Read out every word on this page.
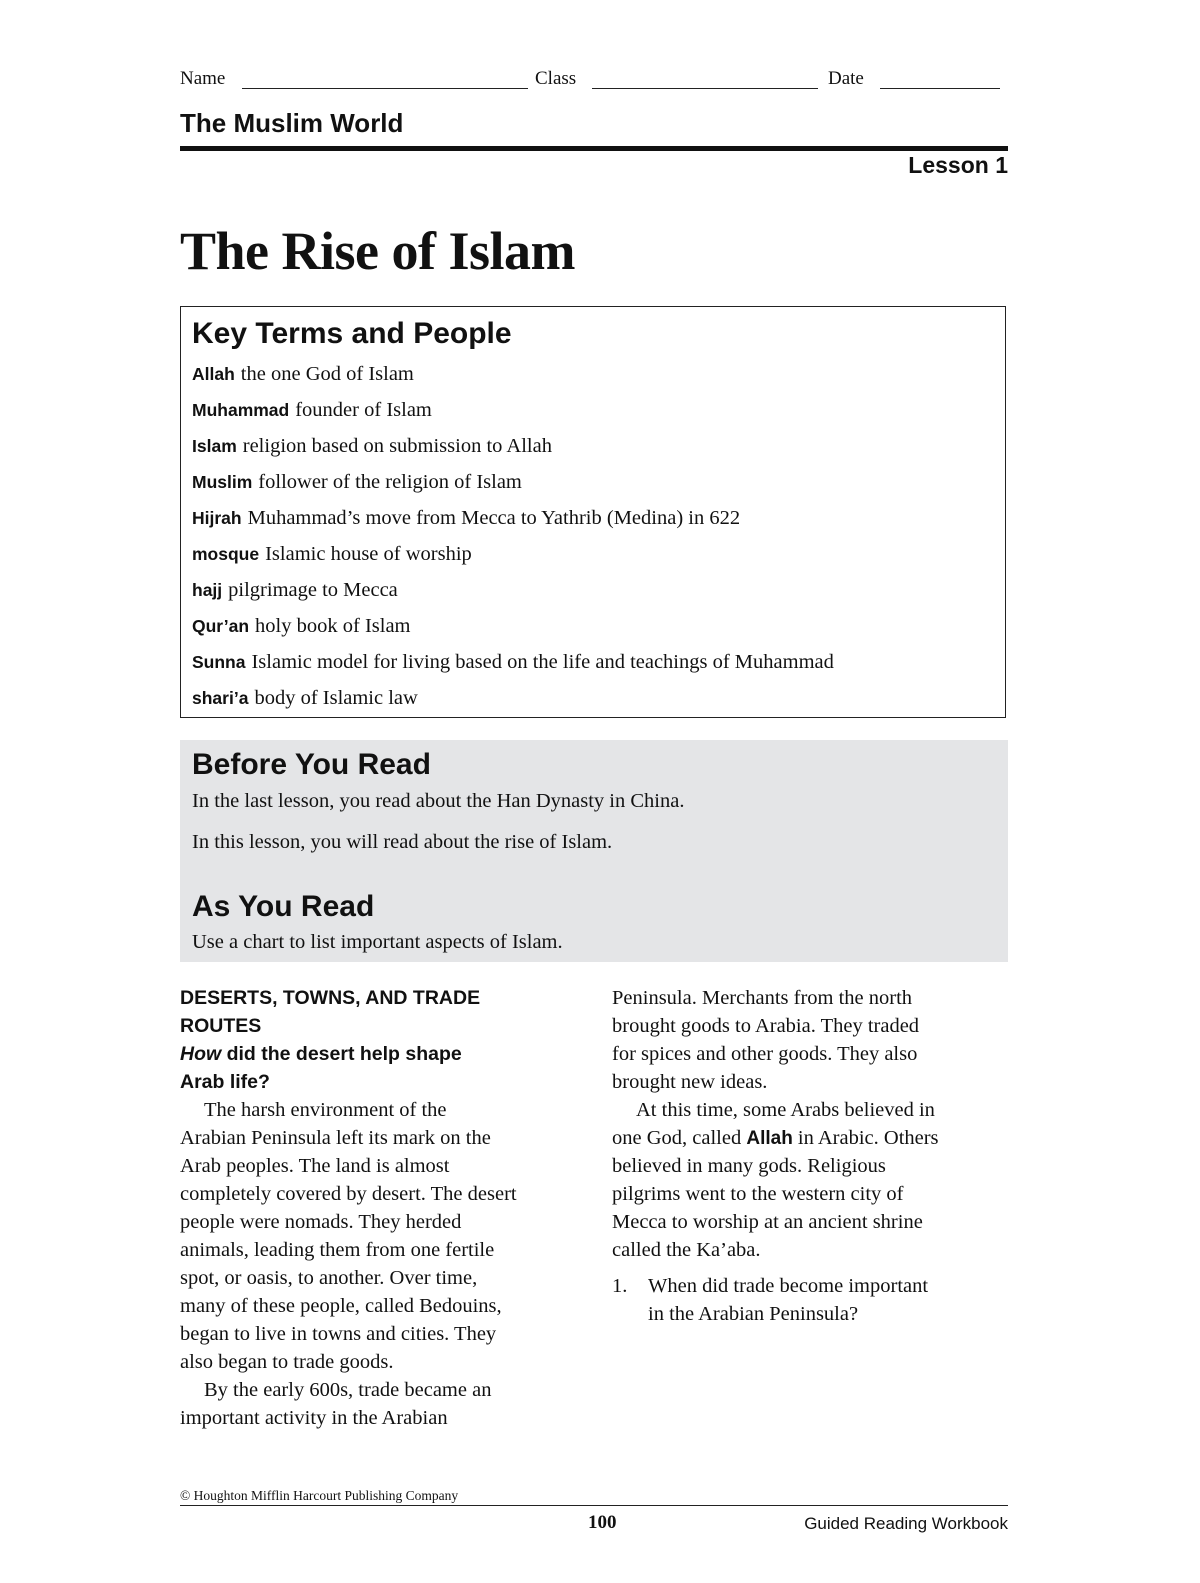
Name	Class	Date
The Muslim World
Lesson 1
The Rise of Islam
Key Terms and People
Allah the one God of Islam
Muhammad founder of Islam
Islam religion based on submission to Allah
Muslim follower of the religion of Islam
Hijrah Muhammad’s move from Mecca to Yathrib (Medina) in 622
mosque Islamic house of worship
hajj pilgrimage to Mecca
Qur’an holy book of Islam
Sunna Islamic model for living based on the life and teachings of Muhammad
shari’a body of Islamic law
Before You Read
In the last lesson, you read about the Han Dynasty in China.
In this lesson, you will read about the rise of Islam.
As You Read
Use a chart to list important aspects of Islam.
DESERTS, TOWNS, AND TRADE
ROUTES
How did the desert help shape
Arab life?
The harsh environment of the
Arabian Peninsula left its mark on the
Arab peoples. The land is almost
completely covered by desert. The desert
people were nomads. They herded
animals, leading them from one fertile
spot, or oasis, to another. Over time,
many of these people, called Bedouins,
began to live in towns and cities. They
also began to trade goods.
By the early 600s, trade became an
important activity in the Arabian
Peninsula. Merchants from the north
brought goods to Arabia. They traded
for spices and other goods. They also
brought new ideas.
At this time, some Arabs believed in
one God, called Allah in Arabic. Others
believed in many gods. Religious
pilgrims went to the western city of
Mecca to worship at an ancient shrine
called the Ka’aba.
1. When did trade become important
in the Arabian Peninsula?
© Houghton Mifflin Harcourt Publishing Company
100	Guided Reading Workbook
